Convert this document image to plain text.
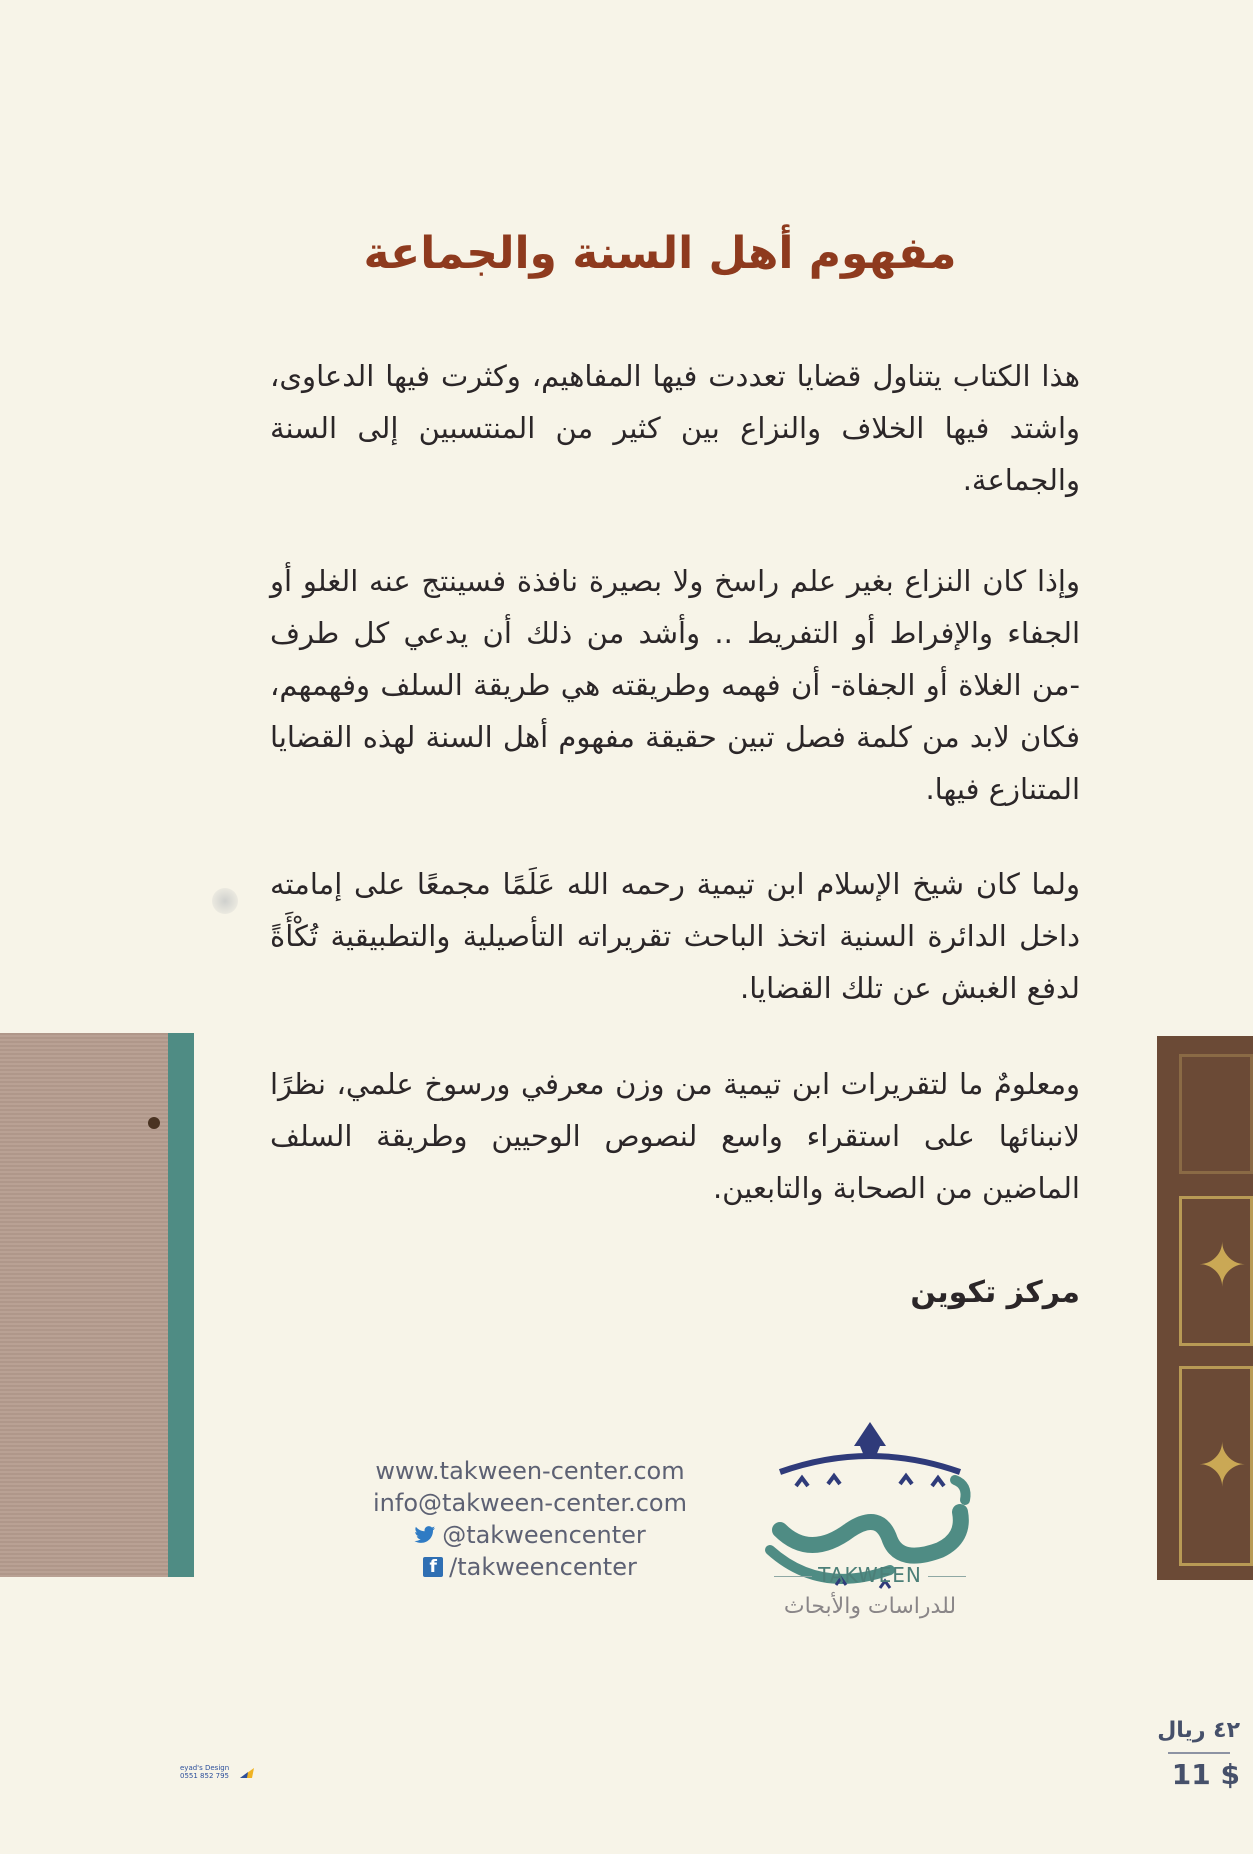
✦
✦
مفهوم أهل السنة والجماعة
هذا الكتاب يتناول قضايا تعددت فيها المفاهيم، وكثرت فيها الدعاوى، واشتد فيها الخلاف والنزاع بين كثير من المنتسبين إلى السنة والجماعة.
وإذا كان النزاع بغير علم راسخ ولا بصيرة نافذة فسينتج عنه الغلو أو الجفاء والإفراط أو التفريط .. وأشد من ذلك أن يدعي كل طرف -من الغلاة أو الجفاة- أن فهمه وطريقته هي طريقة السلف وفهمهم، فكان لابد من كلمة فصل تبين حقيقة مفهوم أهل السنة لهذه القضايا المتنازع فيها.
ولما كان شيخ الإسلام ابن تيمية رحمه الله عَلَمًا مجمعًا على إمامته داخل الدائرة السنية اتخذ الباحث تقريراته التأصيلية والتطبيقية تُكْأَةً لدفع الغبش عن تلك القضايا.
ومعلومٌ ما لتقريرات ابن تيمية من وزن معرفي ورسوخ علمي، نظرًا لانبنائها على استقراء واسع لنصوص الوحيين وطريقة السلف الماضين من الصحابة والتابعين.
مركز تكوين
www.takween-center.com
info@takween-center.com
@takweencenter
f /takweencenter	TAKWEEN
للدراسات والأبحاث
٤٢ ريال
11 $
eyad's Design
0551 852 795
